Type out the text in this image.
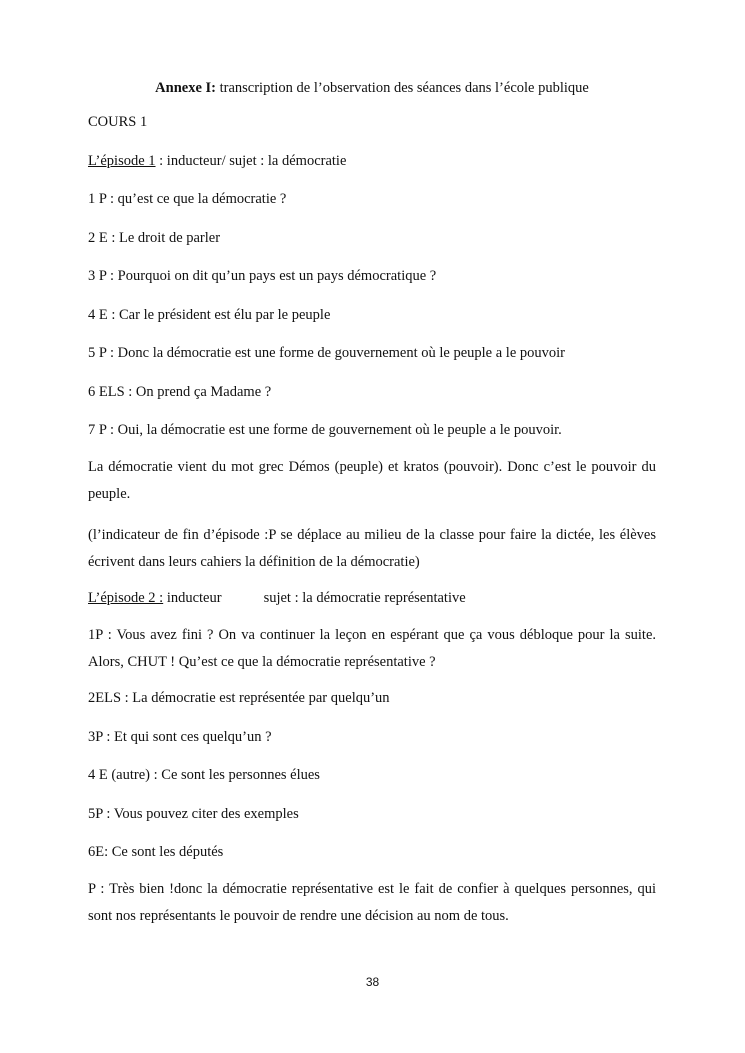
Annexe I: transcription de l’observation des séances dans l’école publique

COURS 1

L’épisode 1 : inducteur/ sujet : la démocratie

1 P : qu’est ce que la démocratie ?

2 E : Le droit de parler

3 P : Pourquoi on dit qu’un pays est un pays démocratique ?

4 E : Car le président est élu par le peuple

5 P : Donc la démocratie est une forme de gouvernement où le peuple a le pouvoir

6 ELS : On prend ça Madame ?

7 P : Oui, la démocratie est une forme de gouvernement où le peuple a le pouvoir.

La démocratie vient du mot grec Démos (peuple) et kratos (pouvoir). Donc c’est le pouvoir du peuple.

(l’indicateur de fin d’épisode :P se déplace au milieu de la classe pour faire la dictée, les élèves écrivent dans leurs cahiers la définition de la démocratie)

L’épisode 2 : inducteur	sujet : la démocratie représentative

1P : Vous avez fini ? On va continuer la leçon en espérant que ça vous débloque pour la suite. Alors, CHUT ! Qu’est ce que la démocratie représentative ?

2ELS : La démocratie est représentée par quelqu’un

3P : Et qui sont ces quelqu’un ?

4 E (autre) : Ce sont les personnes élues

5P : Vous pouvez citer des exemples

6E: Ce sont les députés

P : Très bien !donc la démocratie représentative est le fait de confier à quelques personnes, qui sont nos représentants le pouvoir de rendre une décision au nom de tous.

38
